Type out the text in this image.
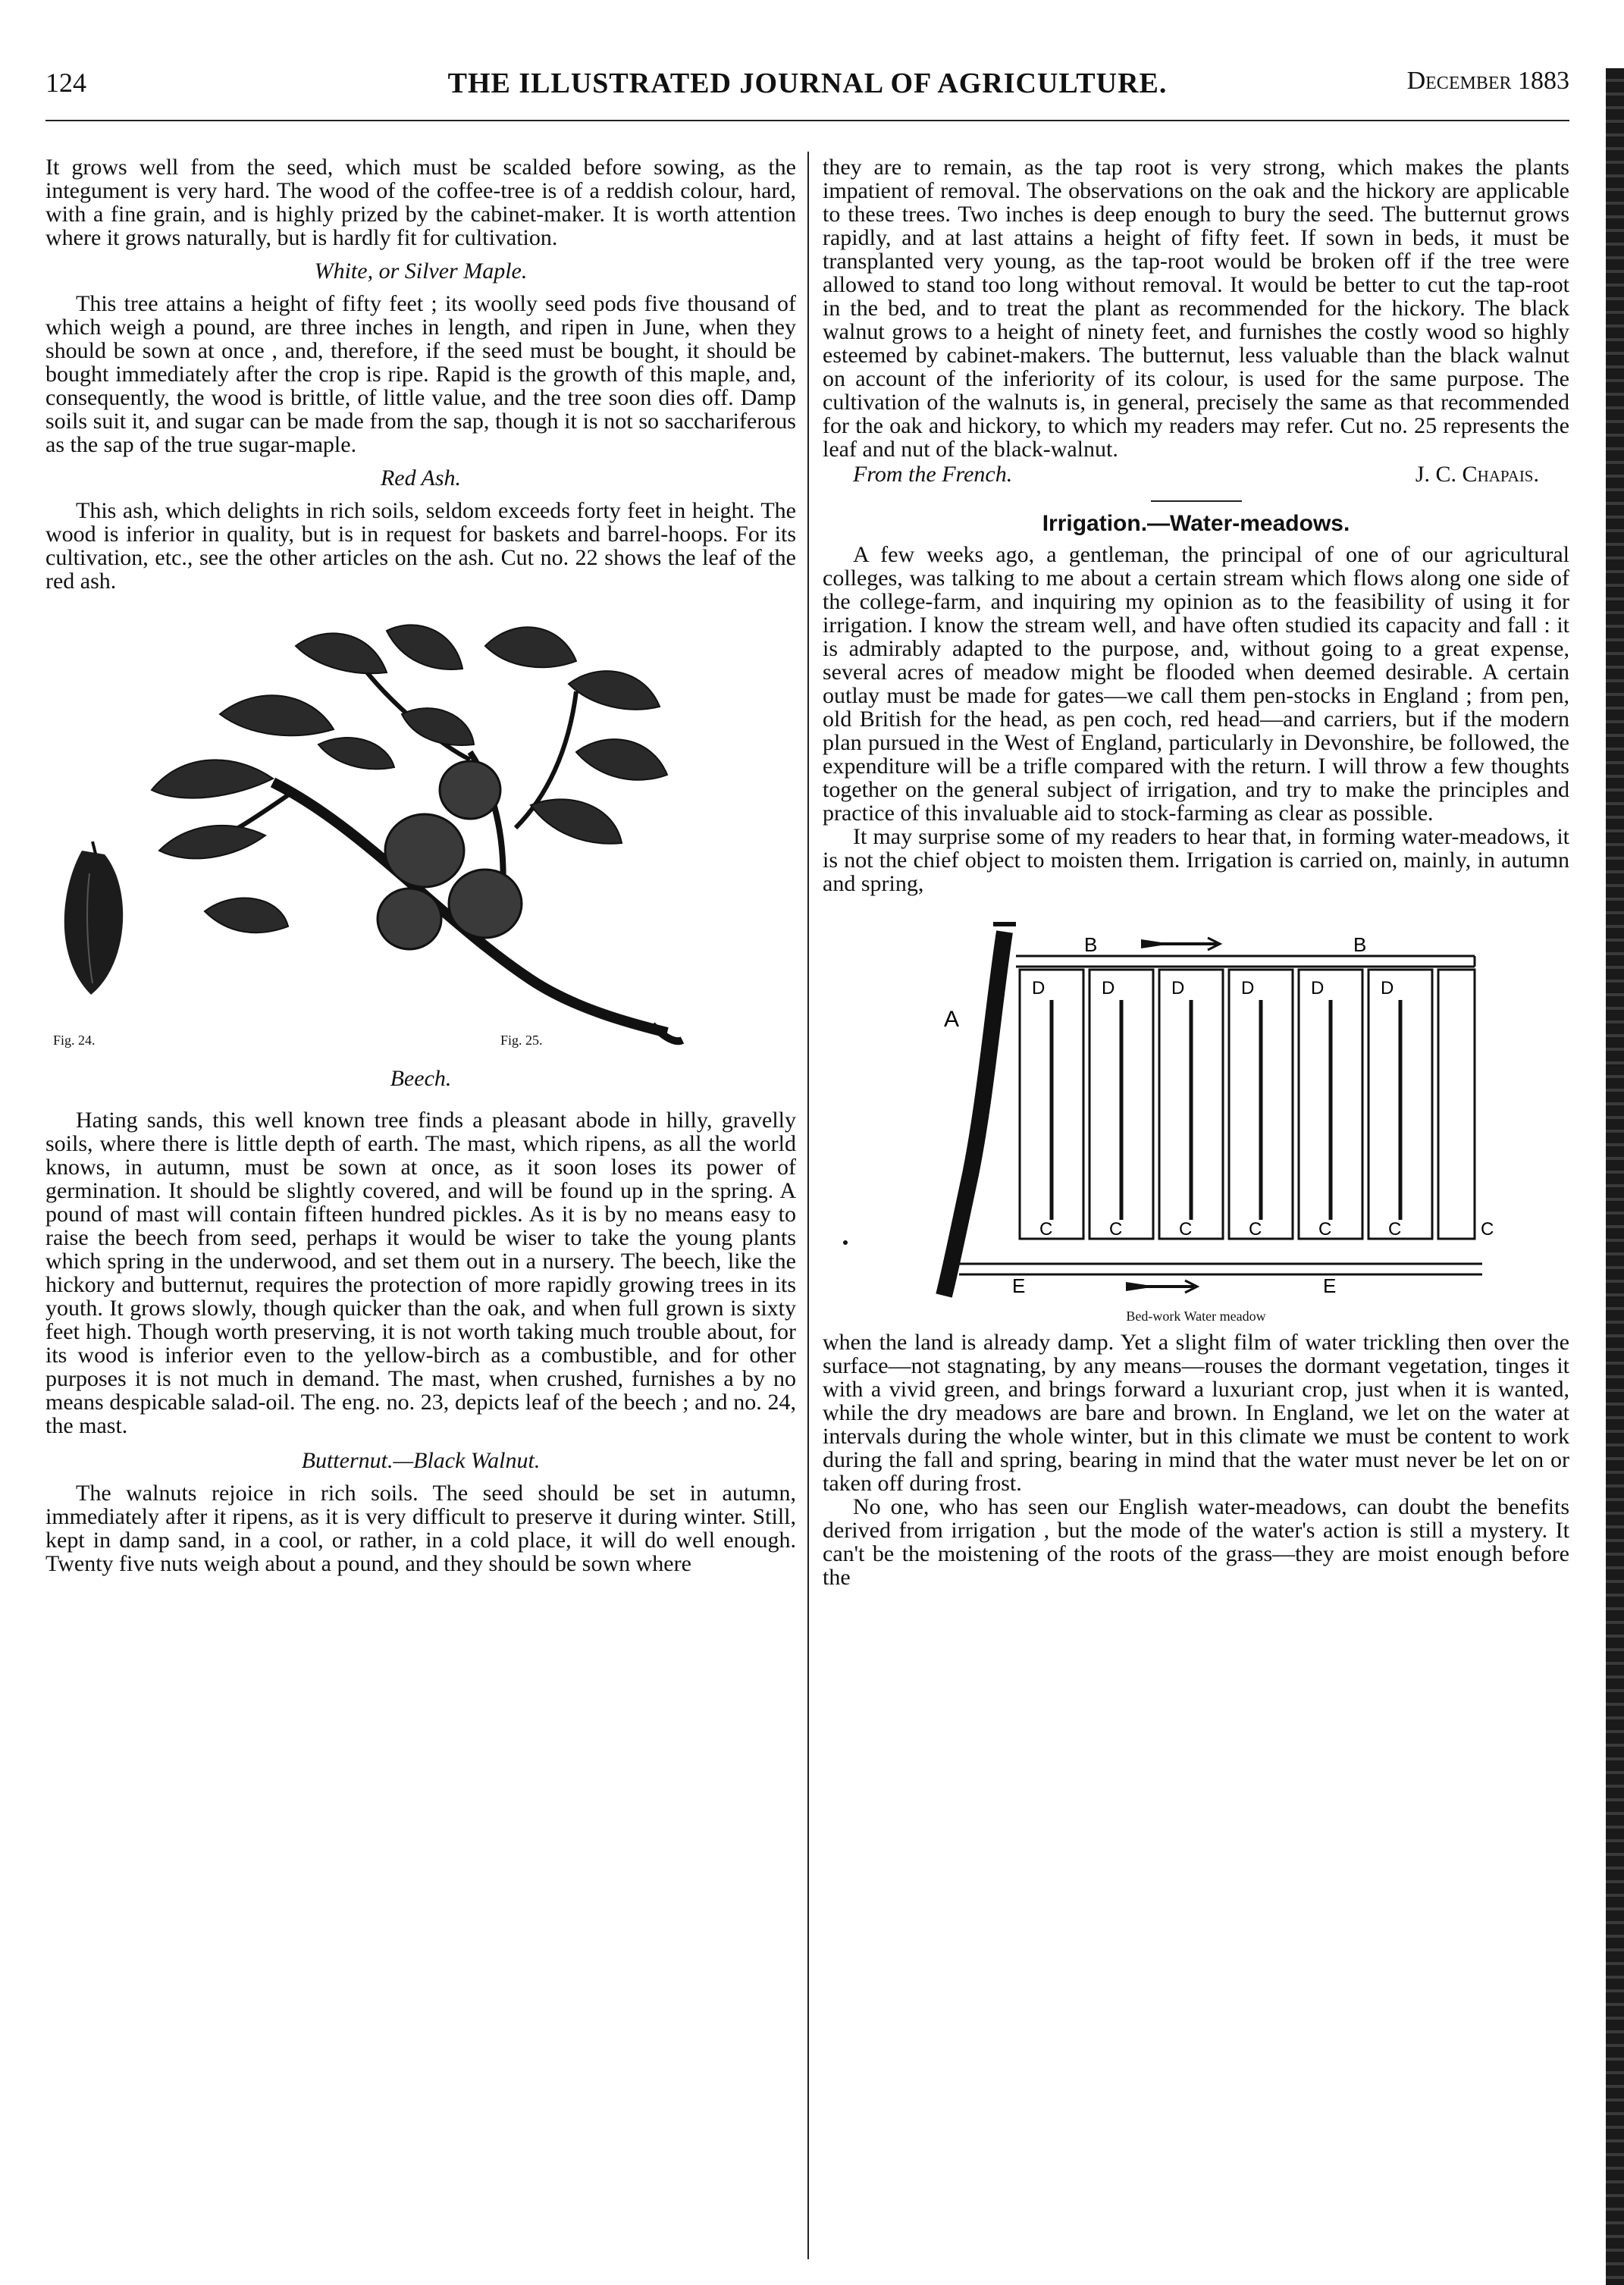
124	THE ILLUSTRATED JOURNAL OF AGRICULTURE.	December 1883

It grows well from the seed, which must be scalded before sowing, as the integument is very hard. The wood of the coffee-tree is of a reddish colour, hard, with a fine grain, and is highly prized by the cabinet-maker. It is worth attention where it grows naturally, but is hardly fit for cultivation.

White, or Silver Maple.

This tree attains a height of fifty feet ; its woolly seed pods five thousand of which weigh a pound, are three inches in length, and ripen in June, when they should be sown at once , and, therefore, if the seed must be bought, it should be bought immediately after the crop is ripe. Rapid is the growth of this maple, and, consequently, the wood is brittle, of little value, and the tree soon dies off. Damp soils suit it, and sugar can be made from the sap, though it is not so sacchariferous as the sap of the true sugar-maple.

Red Ash.

This ash, which delights in rich soils, seldom exceeds forty feet in height. The wood is inferior in quality, but is in request for baskets and barrel-hoops. For its cultivation, etc., see the other articles on the ash. Cut no. 22 shows the leaf of the red ash.

Fig. 24.	Fig. 25.
Beech.

Hating sands, this well known tree finds a pleasant abode in hilly, gravelly soils, where there is little depth of earth. The mast, which ripens, as all the world knows, in autumn, must be sown at once, as it soon loses its power of germination. It should be slightly covered, and will be found up in the spring. A pound of mast will contain fifteen hundred pickles. As it is by no means easy to raise the beech from seed, perhaps it would be wiser to take the young plants which spring in the underwood, and set them out in a nursery. The beech, like the hickory and butternut, requires the protection of more rapidly growing trees in its youth. It grows slowly, though quicker than the oak, and when full grown is sixty feet high. Though worth preserving, it is not worth taking much trouble about, for its wood is inferior even to the yellow-birch as a combustible, and for other purposes it is not much in demand. The mast, when crushed, furnishes a by no means despicable salad-oil. The eng. no. 23, depicts leaf of the beech ; and no. 24, the mast.

Butternut.—Black Walnut.

The walnuts rejoice in rich soils. The seed should be set in autumn, immediately after it ripens, as it is very difficult to preserve it during winter. Still, kept in damp sand, in a cool, or rather, in a cold place, it will do well enough. Twenty five nuts weigh about a pound, and they should be sown where

they are to remain, as the tap root is very strong, which makes the plants impatient of removal. The observations on the oak and the hickory are applicable to these trees. Two inches is deep enough to bury the seed. The butternut grows rapidly, and at last attains a height of fifty feet. If sown in beds, it must be transplanted very young, as the tap-root would be broken off if the tree were allowed to stand too long without removal. It would be better to cut the tap-root in the bed, and to treat the plant as recommended for the hickory. The black walnut grows to a height of ninety feet, and furnishes the costly wood so highly esteemed by cabinet-makers. The butternut, less valuable than the black walnut on account of the inferiority of its colour, is used for the same purpose. The cultivation of the walnuts is, in general, precisely the same as that recommended for the oak and hickory, to which my readers may refer. Cut no. 25 represents the leaf and nut of the black-walnut.

From the French.	J. C. Chapais.
Irrigation.—Water-meadows.

A few weeks ago, a gentleman, the principal of one of our agricultural colleges, was talking to me about a certain stream which flows along one side of the college-farm, and inquiring my opinion as to the feasibility of using it for irrigation. I know the stream well, and have often studied its capacity and fall : it is admirably adapted to the purpose, and, without going to a great expense, several acres of meadow might be flooded when deemed desirable. A certain outlay must be made for gates—we call them pen-stocks in England ; from pen, old British for the head, as pen coch, red head—and carriers, but if the modern plan pursued in the West of England, particularly in Devonshire, be followed, the expenditure will be a trifle compared with the return. I will throw a few thoughts together on the general subject of irrigation, and try to make the principles and practice of this invaluable aid to stock-farming as clear as possible.

It may surprise some of my readers to hear that, in forming water-meadows, it is not the chief object to moisten them. Irrigation is carried on, mainly, in autumn and spring,

A
B	B
D	D	D	D	D	D
C	C	C	C	C	C	C
E	E
Bed-work Water meadow

when the land is already damp. Yet a slight film of water trickling then over the surface—not stagnating, by any means—rouses the dormant vegetation, tinges it with a vivid green, and brings forward a luxuriant crop, just when it is wanted, while the dry meadows are bare and brown. In England, we let on the water at intervals during the whole winter, but in this climate we must be content to work during the fall and spring, bearing in mind that the water must never be let on or taken off during frost.

No one, who has seen our English water-meadows, can doubt the benefits derived from irrigation , but the mode of the water's action is still a mystery. It can't be the moistening of the roots of the grass—they are moist enough before the
